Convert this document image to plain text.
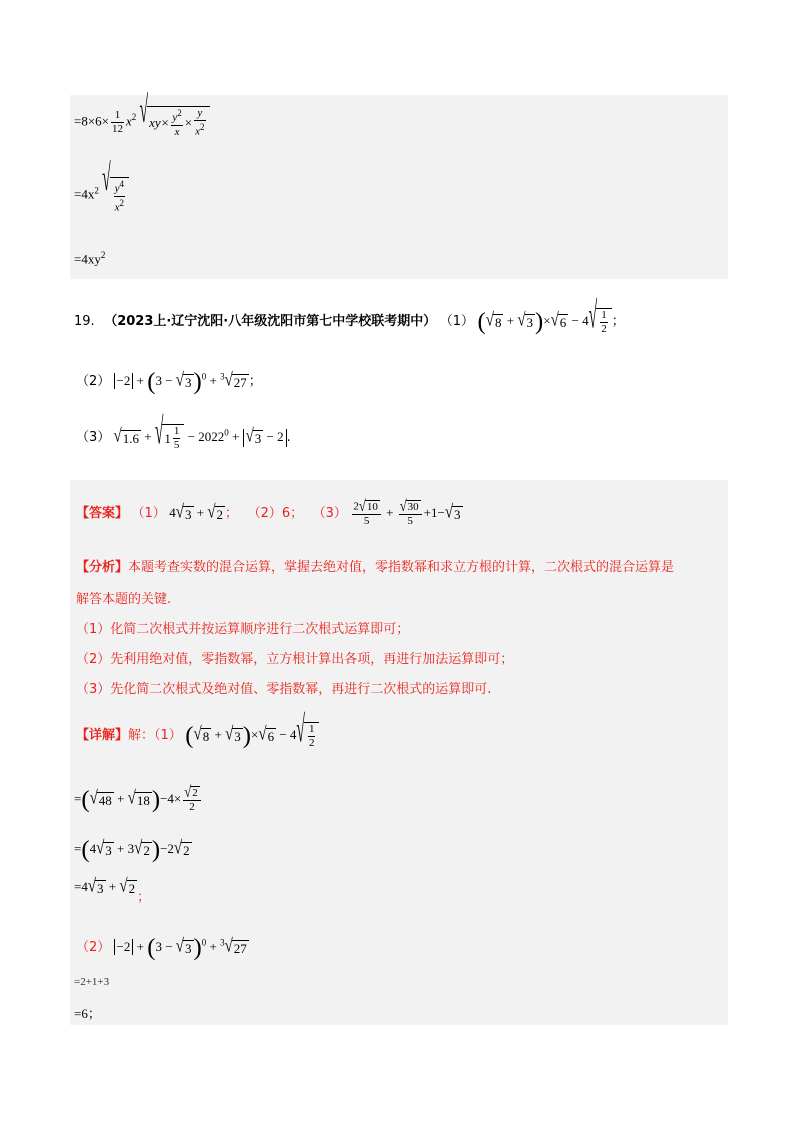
$=8\times 6\times \frac{1}{12} x^2$ √ $xy\times \frac{y^2}{x} \times \frac{y}{x^2}$
$=4x^2$ √ $y^4$
$x^2$
$=4xy^2$
19. （2023上·辽宁沈阳·八年级沈阳市第七中学校联考期中） （1） ( √ 8 + √ 3 )× √ 6 − 4 √ 1
2
；
（2） −2 + (3 − √ 3 )$^0$ + $^3$ √ 27 ；
（3） √ 1.6 + √ $1 \frac{1}{5} - 2022^0$ + √ 3 − 2 .
【答案】 （1） 4 √ 3 + √ 2 ； （2）6； $(3) \frac{2 √ 10}{5} + \frac{√ 30}{5} +1-$ √ 3
【分析】本题考查实数的混合运算，掌握去绝对值，零指数幂和求立方根的计算，二次根式的混合运算是
解答本题的关键.
（1）化简二次根式并按运算顺序进行二次根式运算即可；
（2）先利用绝对值，零指数幂，立方根计算出各项，再进行加法运算即可；
（3）先化简二次根式及绝对值、零指数幂，再进行二次根式的运算即可.
【详解】解：（1） ( √ 8 + √ 3 )× √ 6 − 4 √ 1
2
=( √ 48 + √ 18 )$-4\times \frac{√ 2}{2}$
=(4 √ 3 + 3 √ 2 )−2 √ 2
=4 √ 3 + √ 2
；
（2） −2 + (3 − √ 3 )$^0$ + $^3$ √ 27
=2+1+3
=6；
